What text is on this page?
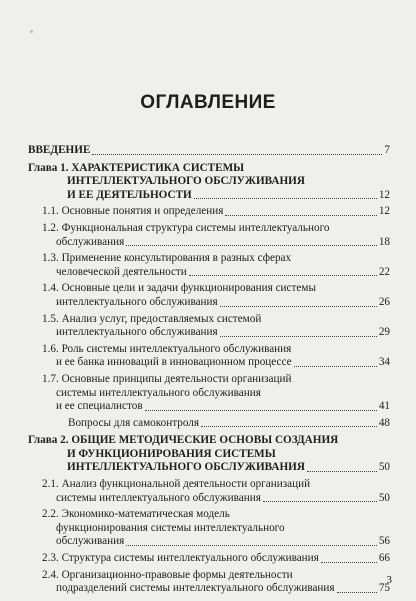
ОГЛАВЛЕНИЕ
ВВЕДЕНИЕ	7
Глава 1. ХАРАКТЕРИСТИКА СИСТЕМЫ
ИНТЕЛЛЕКТУАЛЬНОГО ОБСЛУЖИВАНИЯ
И ЕЕ ДЕЯТЕЛЬНОСТИ	12
1.1. Основные понятия и определения	12
1.2. Функциональная структура системы интеллектуального
обслуживания	18
1.3. Применение консультирования в разных сферах
человеческой деятельности	22
1.4. Основные цели и задачи функционирования системы
интеллектуального обслуживания	26
1.5. Анализ услуг, предоставляемых системой
интеллектуального обслуживания	29
1.6. Роль системы интеллектуального обслуживания
и ее банка инноваций в инновационном процессе	34
1.7. Основные принципы деятельности организаций
системы интеллектуального обслуживания
и ее специалистов	41
Вопросы для самоконтроля	48
Глава 2. ОБЩИЕ МЕТОДИЧЕСКИЕ ОСНОВЫ СОЗДАНИЯ
И ФУНКЦИОНИРОВАНИЯ СИСТЕМЫ
ИНТЕЛЛЕКТУАЛЬНОГО ОБСЛУЖИВАНИЯ	50
2.1. Анализ функциональной деятельности организаций
системы интеллектуального обслуживания	50
2.2. Экономико-математическая модель
функционирования системы интеллектуального
обслуживания	56
2.3. Структура системы интеллектуального обслуживания	66
2.4. Организационно-правовые формы деятельности
подразделений системы интеллектуального обслуживания	75
3
